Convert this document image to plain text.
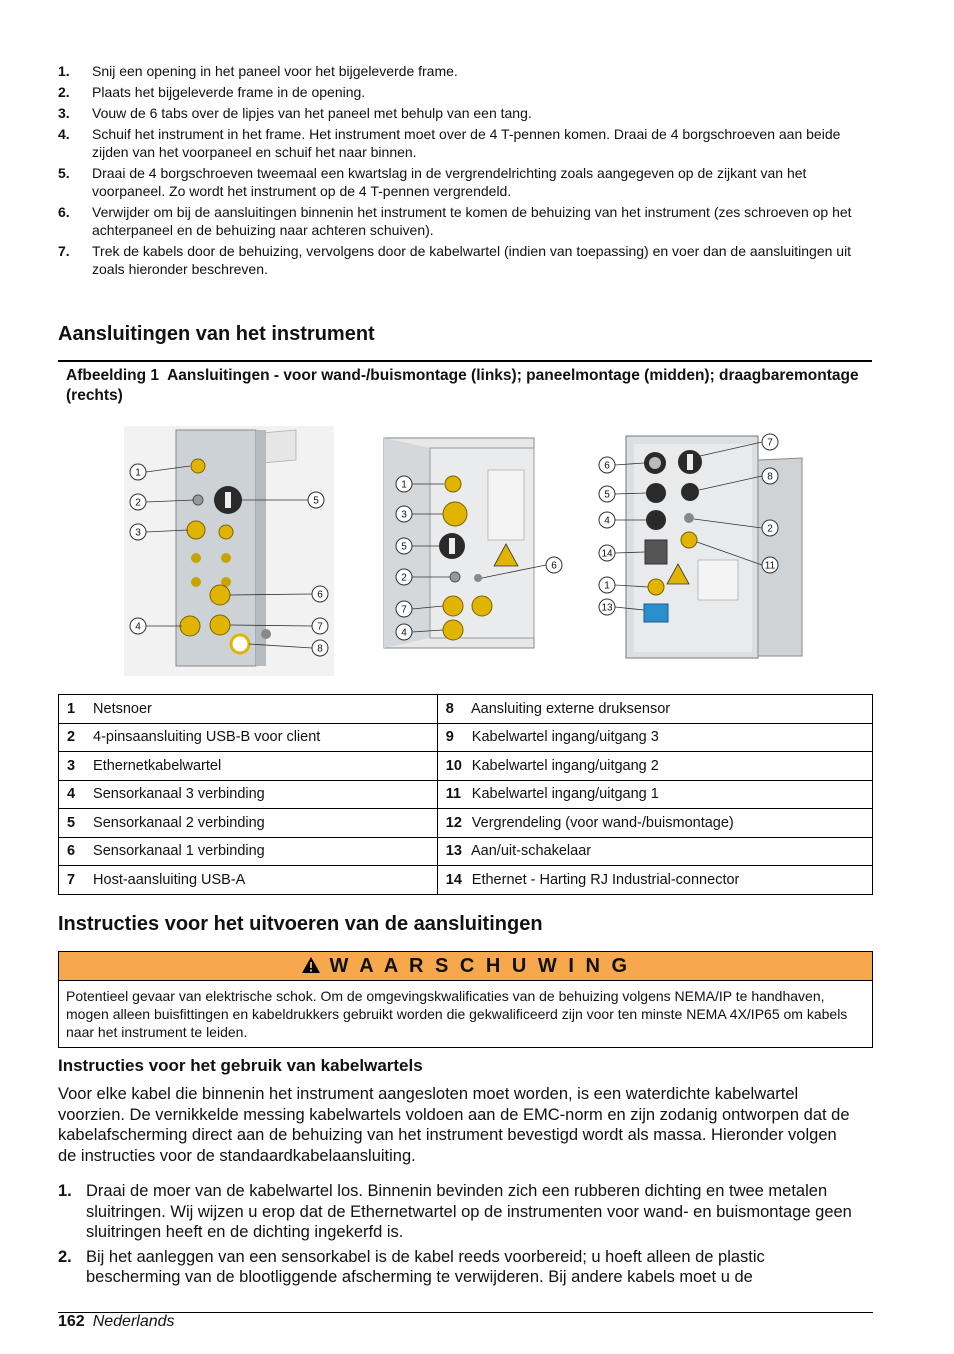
1.	Snij een opening in het paneel voor het bijgeleverde frame.
2.	Plaats het bijgeleverde frame in de opening.
3.	Vouw de 6 tabs over de lipjes van het paneel met behulp van een tang.
4.	Schuif het instrument in het frame. Het instrument moet over de 4 T-pennen komen. Draai de 4 borgschroeven aan beide zijden van het voorpaneel en schuif het naar binnen.
5.	Draai de 4 borgschroeven tweemaal een kwartslag in de vergrendelrichting zoals aangegeven op de zijkant van het voorpaneel. Zo wordt het instrument op de 4 T-pennen vergrendeld.
6.	Verwijder om bij de aansluitingen binnenin het instrument te komen de behuizing van het instrument (zes schroeven op het achterpaneel en de behuizing naar achteren schuiven).
7.	Trek de kabels door de behuizing, vervolgens door de kabelwartel (indien van toepassing) en voer dan de aansluitingen uit zoals hieronder beschreven.
Aansluitingen van het instrument
Afbeelding 1 Aansluitingen - voor wand-/buismontage (links); paneelmontage (midden); draagbaremontage (rechts)
1
2
3
4
5
6
7
8
1
3
5
2
7
4
6
7
6
8
5
4
2
14
11
1
13
1 Netsnoer	8 Aansluiting externe druksensor
2 4-pinsaansluiting USB-B voor client	9 Kabelwartel ingang/uitgang 3
3 Ethernetkabelwartel	10 Kabelwartel ingang/uitgang 2
4 Sensorkanaal 3 verbinding	11 Kabelwartel ingang/uitgang 1
5 Sensorkanaal 2 verbinding	12 Vergrendeling (voor wand-/buismontage)
6 Sensorkanaal 1 verbinding	13 Aan/uit-schakelaar
7 Host-aansluiting USB-A	14 Ethernet - Harting RJ Industrial-connector
Instructies voor het uitvoeren van de aansluitingen
W A A R S C H U W I N G
Potentieel gevaar van elektrische schok. Om de omgevingskwalificaties van de behuizing volgens NEMA/IP te handhaven, mogen alleen buisfittingen en kabeldrukkers gebruikt worden die gekwalificeerd zijn voor ten minste NEMA 4X/IP65 om kabels naar het instrument te leiden.
Instructies voor het gebruik van kabelwartels
Voor elke kabel die binnenin het instrument aangesloten moet worden, is een waterdichte kabelwartel voorzien. De vernikkelde messing kabelwartels voldoen aan de EMC-norm en zijn zodanig ontworpen dat de kabelafscherming direct aan de behuizing van het instrument bevestigd wordt als massa. Hieronder volgen de instructies voor de standaardkabelaansluiting.
1. Draai de moer van de kabelwartel los. Binnenin bevinden zich een rubberen dichting en twee metalen sluitringen. Wij wijzen u erop dat de Ethernetwartel op de instrumenten voor wand- en buismontage geen sluitringen heeft en de dichting ingekerfd is.
2. Bij het aanleggen van een sensorkabel is de kabel reeds voorbereid; u hoeft alleen de plastic bescherming van de blootliggende afscherming te verwijderen. Bij andere kabels moet u de
162 Nederlands
